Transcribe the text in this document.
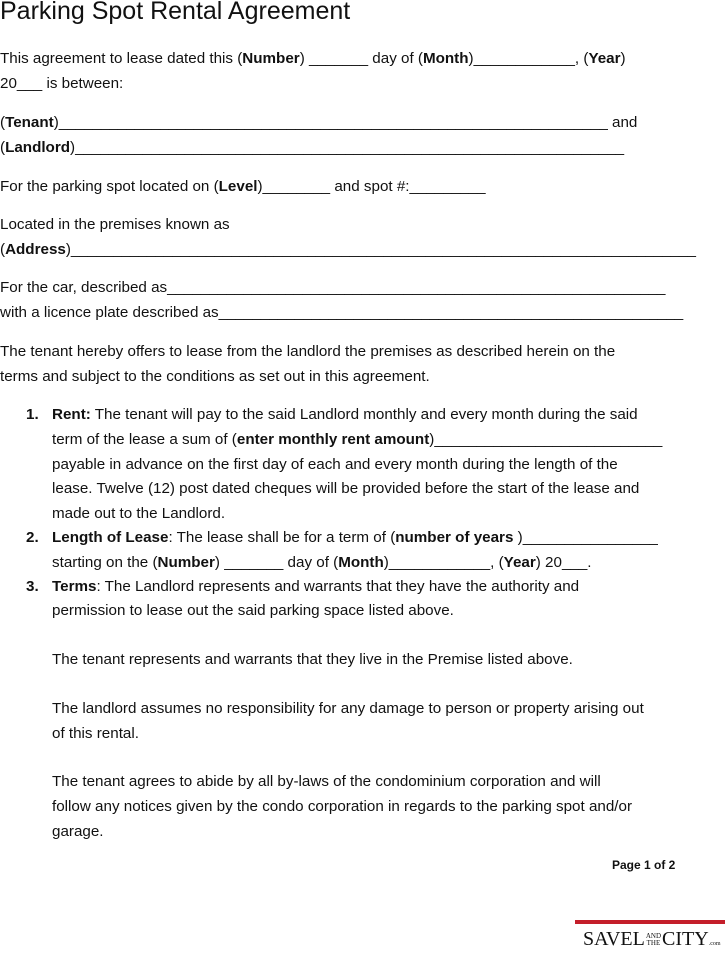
Parking Spot Rental Agreement
This agreement to lease dated this (Number) _______ day of (Month)____________, (Year)
20___ is between:
(Tenant)_________________________________________________________________ and
(Landlord)_________________________________________________________________
For the parking spot located on (Level)________ and spot #:_________
Located in the premises known as
(Address)__________________________________________________________________________
For the car, described as___________________________________________________________
with a licence plate described as_______________________________________________________
The tenant hereby offers to lease from the landlord the premises as described herein on the
terms and subject to the conditions as set out in this agreement.
1. Rent: The tenant will pay to the said Landlord monthly and every month during the said
term of the lease a sum of (enter monthly rent amount)___________________________
payable in advance on the first day of each and every month during the length of the
lease. Twelve (12) post dated cheques will be provided before the start of the lease and
made out to the Landlord.
2. Length of Lease: The lease shall be for a term of (number of years )________________
starting on the (Number) _______ day of (Month)____________, (Year) 20___.
3. Terms: The Landlord represents and warrants that they have the authority and
permission to lease out the said parking space listed above.
The tenant represents and warrants that they live in the Premise listed above.
The landlord assumes no responsibility for any damage to person or property arising out
of this rental.
The tenant agrees to abide by all by-laws of the condominium corporation and will
follow any notices given by the condo corporation in regards to the parking spot and/or
garage.
Page 1 of 2
SAVELAND
THECITY.com
